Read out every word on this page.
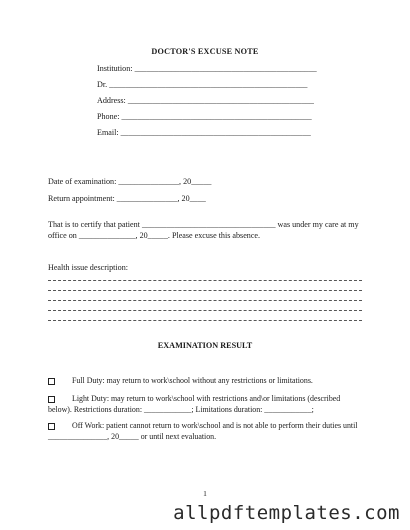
DOCTOR'S EXCUSE NOTE
Institution: _____________________________________________
Dr. _________________________________________________
Address: ______________________________________________
Phone: _______________________________________________
Email: _______________________________________________
Date of examination: _______________, 20_____
Return appointment: _______________, 20____
That is to certify that patient _________________________________ was under my care at my
office on ______________, 20_____. Please excuse this absence.
Health issue description:
EXAMINATION RESULT
Full Duty: may return to work\school without any restrictions or limitations.
Light Duty: may return to work\school with restrictions and\or limitations (described below). Restrictions duration: ____________; Limitations duration: ____________;
Off Work: patient cannot return to work\school and is not able to perform their duties until _______________, 20_____ or until next evaluation.
1
allpdftemplates.com
